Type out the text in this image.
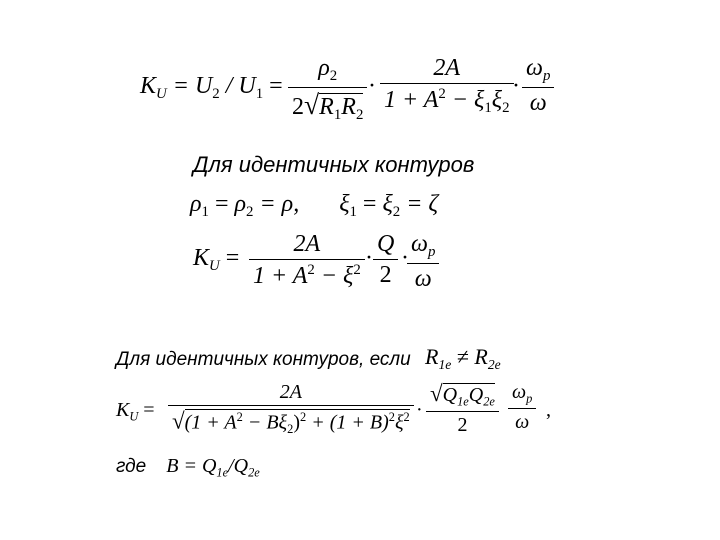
$K_U = U_2 / U_1$ =
$\rho_2$
$2√R_1R_2$
·
2A
$1 + A^2 - \xi_1\xi_2$
·
$\omega_p$
ω
Для идентичных контуров
$\rho_1 = \rho_2 = \rho$, $\xi_1 = \xi_2 = \zeta$
$K_U$ =
2A
$1 + A^2 - \xi^2$ ·
Q
2
·
$\omega_p$
ω
Для идентичных контуров, если $R_{1e} \ne R_{2e}$
$K_U$ =
2A
$√(1 + A^2 - B\xi_2)^2 + (1 + B)^2\xi^2$ ·
$√Q_{1e}Q_{2e}$
2
$\omega_p$
ω
,
где $B = Q_{1e}/Q_{2e}$
